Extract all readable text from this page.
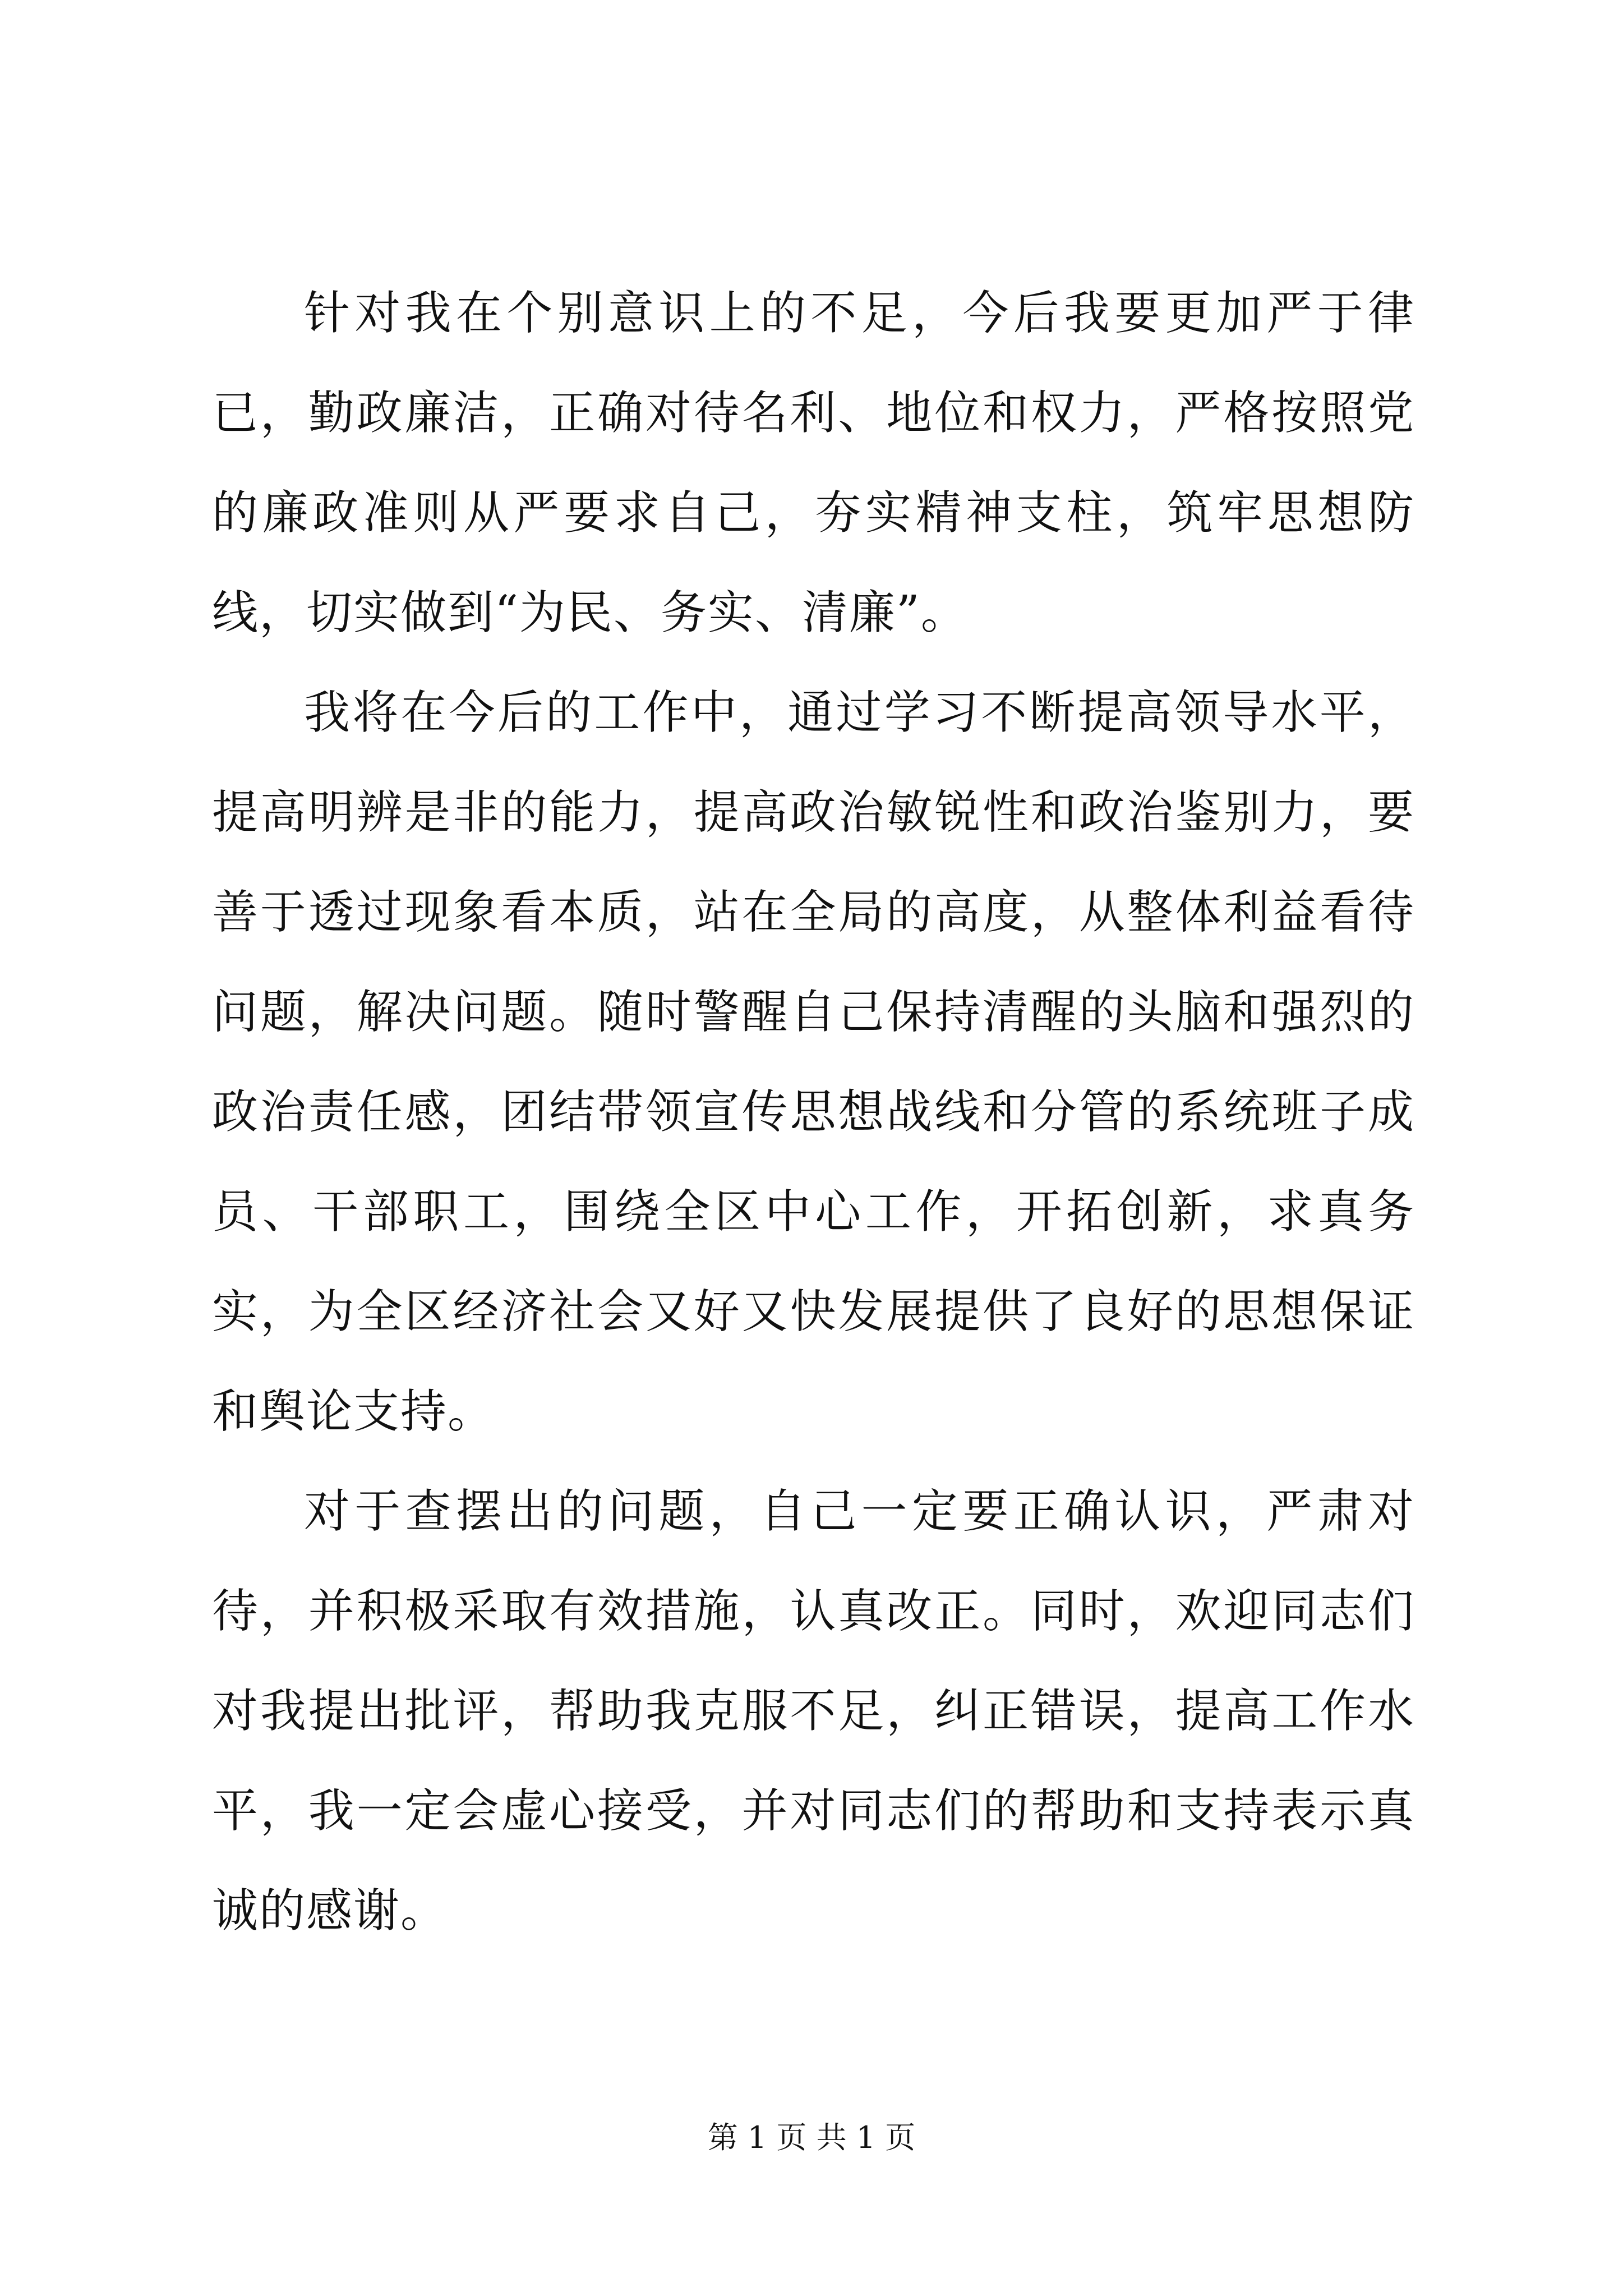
针对我在个别意识上的不足，今后我要更加严于律已，勤政廉洁，正确对待名利、地位和权力，严格按照党的廉政准则从严要求自己，夯实精神支柱，筑牢思想防线，切实做到“为民、务实、清廉”。

我将在今后的工作中，通过学习不断提高领导水平，提高明辨是非的能力，提高政治敏锐性和政治鉴别力，要善于透过现象看本质，站在全局的高度，从整体利益看待问题，解决问题。随时警醒自己保持清醒的头脑和强烈的政治责任感，团结带领宣传思想战线和分管的系统班子成员、干部职工，围绕全区中心工作，开拓创新，求真务实，为全区经济社会又好又快发展提供了良好的思想保证和舆论支持。

对于查摆出的问题，自己一定要正确认识，严肃对待，并积极采取有效措施，认真改正。同时，欢迎同志们对我提出批评，帮助我克服不足，纠正错误，提高工作水平，我一定会虚心接受，并对同志们的帮助和支持表示真诚的感谢。

第 1 页 共 1 页
